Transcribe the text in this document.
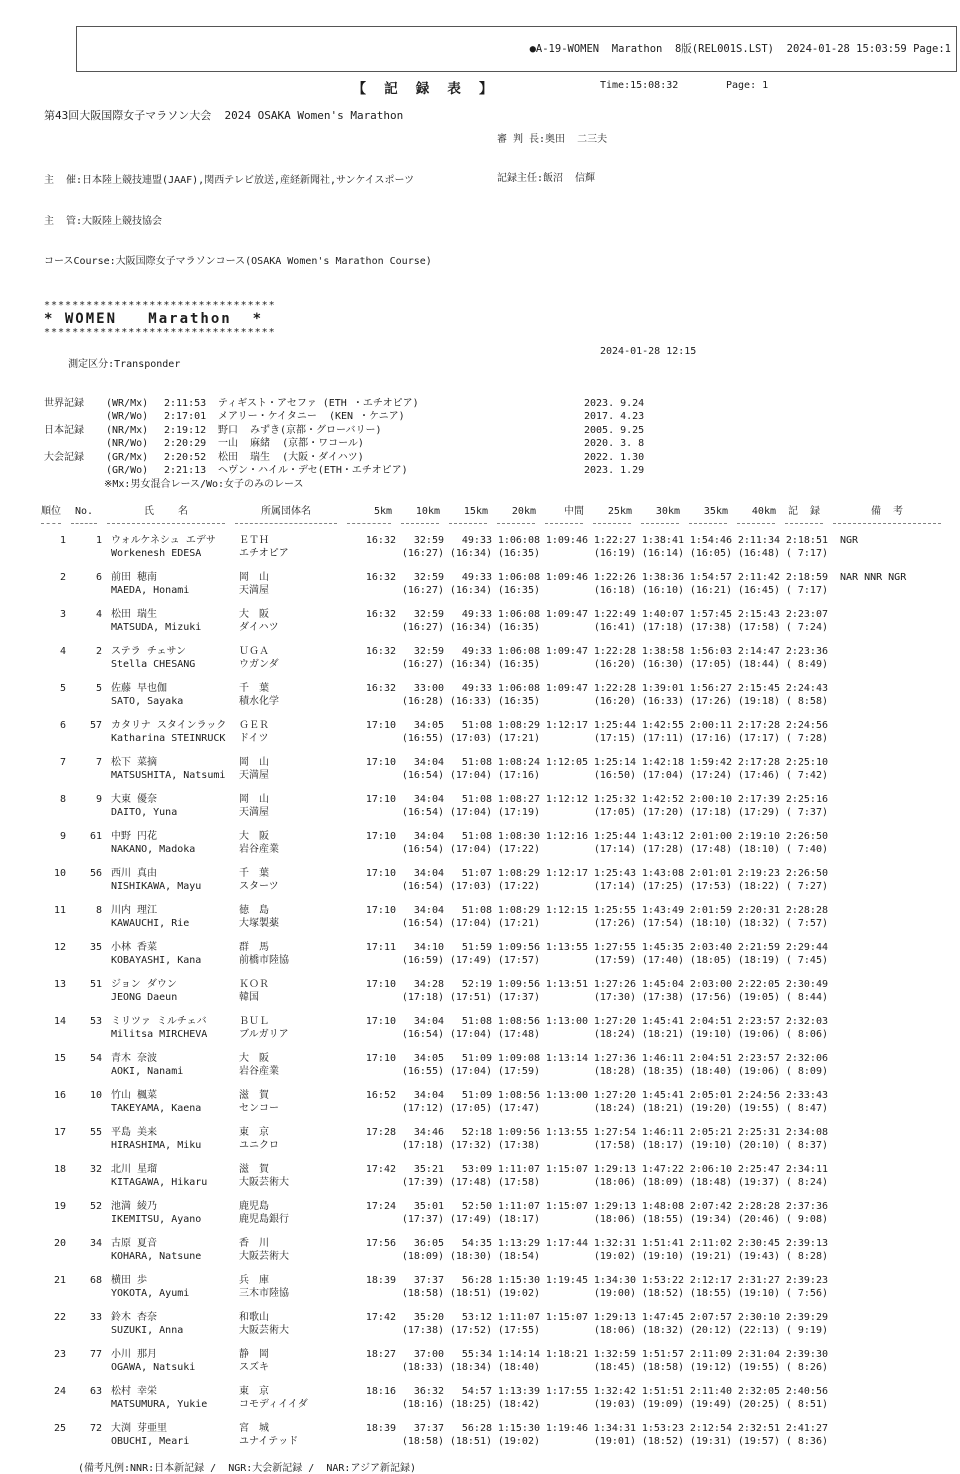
●A-19-WOMEN  Marathon  8版(REL001S.LST)  2024-01-28 15:03:59 Page:1

【 記 録 表 】	Time:15:08:32	Page: 1
第43回大阪国際女子マラソン大会  2024 OSAKA Women's Marathon

審 判 長:奥田  二三夫

記録主任:飯沼  信輝

主  催:日本陸上競技連盟(JAAF),関西テレビ放送,産経新聞社,サンケイスポーツ

主  管:大阪陸上競技協会

コースCourse:大阪国際女子マラソンコース(OSAKA Women's Marathon Course)

*********************************
* WOMEN   Marathon  *
*********************************

測定区分:Transponder

2024-01-28 12:15

世界記録	(WR/Mx)	2:11:53	ティギスト・アセファ (ETH ・エチオピア)	2023. 9.24
(WR/Wo)	2:17:01	メアリー・ケイタニー  (KEN ・ケニア)	2017. 4.23
日本記録	(NR/Mx)	2:19:12	野口  みずき(京都・グローバリー)	2005. 9.25
(NR/Wo)	2:20:29	一山  麻緒  (京都・ワコール)	2020. 3. 8
大会記録	(GR/Mx)	2:20:52	松田  瑞生  (大阪・ダイハツ)	2022. 1.30
(GR/Wo)	2:21:13	ヘヴン・ハイル・デセ(ETH・エチオピア)	2023. 1.29
※Mx:男女混合レース/Wo:女子のみのレース
順位	No.	氏    名	所属団体名	5km	10km	15km	20km	中間	25km	30km	35km	40km	記  録	備  考
1	1 ウォルケネシュ エデサ	ＥＴＨ	16:32	32:59	49:33 1:06:08 1:09:46 1:22:27 1:38:41 1:54:46 2:11:34 2:18:51	NGR
Workenesh EDESA	エチオピア	(16:27) (16:34) (16:35)	(16:19) (16:14) (16:05) (16:48) ( 7:17)
2	6 前田 穂南	岡　山	16:32	32:59	49:33 1:06:08 1:09:46 1:22:26 1:38:36 1:54:57 2:11:42 2:18:59	NAR NNR NGR
MAEDA, Honami	天満屋	(16:27) (16:34) (16:35)	(16:18) (16:10) (16:21) (16:45) ( 7:17)
3	4 松田 瑞生	大　阪	16:32	32:59	49:33 1:06:08 1:09:47 1:22:49 1:40:07 1:57:45 2:15:43 2:23:07
MATSUDA, Mizuki	ダイハツ	(16:27) (16:34) (16:35)	(16:41) (17:18) (17:38) (17:58) ( 7:24)
4	2 ステラ チェサン	ＵＧＡ	16:32	32:59	49:33 1:06:08 1:09:47 1:22:28 1:38:58 1:56:03 2:14:47 2:23:36
Stella CHESANG	ウガンダ	(16:27) (16:34) (16:35)	(16:20) (16:30) (17:05) (18:44) ( 8:49)
5	5 佐藤 早也伽	千　葉	16:32	33:00	49:33 1:06:08 1:09:47 1:22:28 1:39:01 1:56:27 2:15:45 2:24:43
SATO, Sayaka	積水化学	(16:28) (16:33) (16:35)	(16:20) (16:33) (17:26) (19:18) ( 8:58)
6	57 カタリナ スタインラック	ＧＥＲ	17:10	34:05	51:08 1:08:29 1:12:17 1:25:44 1:42:55 2:00:11 2:17:28 2:24:56
Katharina STEINRUCK	ドイツ	(16:55) (17:03) (17:21)	(17:15) (17:11) (17:16) (17:17) ( 7:28)
7	7 松下 菜摘	岡　山	17:10	34:04	51:08 1:08:24 1:12:05 1:25:14 1:42:18 1:59:42 2:17:28 2:25:10
MATSUSHITA, Natsumi	天満屋	(16:54) (17:04) (17:16)	(16:50) (17:04) (17:24) (17:46) ( 7:42)
8	9 大東 優奈	岡　山	17:10	34:04	51:08 1:08:27 1:12:12 1:25:32 1:42:52 2:00:10 2:17:39 2:25:16
DAITO, Yuna	天満屋	(16:54) (17:04) (17:19)	(17:05) (17:20) (17:18) (17:29) ( 7:37)
9	61 中野 円花	大　阪	17:10	34:04	51:08 1:08:30 1:12:16 1:25:44 1:43:12 2:01:00 2:19:10 2:26:50
NAKANO, Madoka	岩谷産業	(16:54) (17:04) (17:22)	(17:14) (17:28) (17:48) (18:10) ( 7:40)
10	56 西川 真由	千　葉	17:10	34:04	51:07 1:08:29 1:12:17 1:25:43 1:43:08 2:01:01 2:19:23 2:26:50
NISHIKAWA, Mayu	スターツ	(16:54) (17:03) (17:22)	(17:14) (17:25) (17:53) (18:22) ( 7:27)
11	8 川内 理江	徳　島	17:10	34:04	51:08 1:08:29 1:12:15 1:25:55 1:43:49 2:01:59 2:20:31 2:28:28
KAWAUCHI, Rie	大塚製薬	(16:54) (17:04) (17:21)	(17:26) (17:54) (18:10) (18:32) ( 7:57)
12	35 小林 香菜	群　馬	17:11	34:10	51:59 1:09:56 1:13:55 1:27:55 1:45:35 2:03:40 2:21:59 2:29:44
KOBAYASHI, Kana	前橋市陸協	(16:59) (17:49) (17:57)	(17:59) (17:40) (18:05) (18:19) ( 7:45)
13	51 ジョン ダウン	ＫＯＲ	17:10	34:28	52:19 1:09:56 1:13:51 1:27:26 1:45:04 2:03:00 2:22:05 2:30:49
JEONG Daeun	韓国	(17:18) (17:51) (17:37)	(17:30) (17:38) (17:56) (19:05) ( 8:44)
14	53 ミリツァ ミルチェバ	ＢＵＬ	17:10	34:04	51:08 1:08:56 1:13:00 1:27:20 1:45:41 2:04:51 2:23:57 2:32:03
Militsa MIRCHEVA	ブルガリア	(16:54) (17:04) (17:48)	(18:24) (18:21) (19:10) (19:06) ( 8:06)
15	54 青木 奈波	大　阪	17:10	34:05	51:09 1:09:08 1:13:14 1:27:36 1:46:11 2:04:51 2:23:57 2:32:06
AOKI, Nanami	岩谷産業	(16:55) (17:04) (17:59)	(18:28) (18:35) (18:40) (19:06) ( 8:09)
16	10 竹山 楓菜	滋　賀	16:52	34:04	51:09 1:08:56 1:13:00 1:27:20 1:45:41 2:05:01 2:24:56 2:33:43
TAKEYAMA, Kaena	センコー	(17:12) (17:05) (17:47)	(18:24) (18:21) (19:20) (19:55) ( 8:47)
17	55 平島 美来	東　京	17:28	34:46	52:18 1:09:56 1:13:55 1:27:54 1:46:11 2:05:21 2:25:31 2:34:08
HIRASHIMA, Miku	ユニクロ	(17:18) (17:32) (17:38)	(17:58) (18:17) (19:10) (20:10) ( 8:37)
18	32 北川 星瑠	滋　賀	17:42	35:21	53:09 1:11:07 1:15:07 1:29:13 1:47:22 2:06:10 2:25:47 2:34:11
KITAGAWA, Hikaru	大阪芸術大	(17:39) (17:48) (17:58)	(18:06) (18:09) (18:48) (19:37) ( 8:24)
19	52 池満 綾乃	鹿児島	17:24	35:01	52:50 1:11:07 1:15:07 1:29:13 1:48:08 2:07:42 2:28:28 2:37:36
IKEMITSU, Ayano	鹿児島銀行	(17:37) (17:49) (18:17)	(18:06) (18:55) (19:34) (20:46) ( 9:08)
20	34 古原 夏音	香　川	17:56	36:05	54:35 1:13:29 1:17:44 1:32:31 1:51:41 2:11:02 2:30:45 2:39:13
KOHARA, Natsune	大阪芸術大	(18:09) (18:30) (18:54)	(19:02) (19:10) (19:21) (19:43) ( 8:28)
21	68 横田 歩	兵　庫	18:39	37:37	56:28 1:15:30 1:19:45 1:34:30 1:53:22 2:12:17 2:31:27 2:39:23
YOKOTA, Ayumi	三木市陸協	(18:58) (18:51) (19:02)	(19:00) (18:52) (18:55) (19:10) ( 7:56)
22	33 鈴木 杏奈	和歌山	17:42	35:20	53:12 1:11:07 1:15:07 1:29:13 1:47:45 2:07:57 2:30:10 2:39:29
SUZUKI, Anna	大阪芸術大	(17:38) (17:52) (17:55)	(18:06) (18:32) (20:12) (22:13) ( 9:19)
23	77 小川 那月	静　岡	18:27	37:00	55:34 1:14:14 1:18:21 1:32:59 1:51:57 2:11:09 2:31:04 2:39:30
OGAWA, Natsuki	スズキ	(18:33) (18:34) (18:40)	(18:45) (18:58) (19:12) (19:55) ( 8:26)
24	63 松村 幸栄	東　京	18:16	36:32	54:57 1:13:39 1:17:55 1:32:42 1:51:51 2:11:40 2:32:05 2:40:56
MATSUMURA, Yukie	コモディイイダ	(18:16) (18:25) (18:42)	(19:03) (19:09) (19:49) (20:25) ( 8:51)
25	72 大渕 芽亜里	宮　城	18:39	37:37	56:28 1:15:30 1:19:46 1:34:31 1:53:23 2:12:54 2:32:51 2:41:27
OBUCHI, Meari	ユナイテッド	(18:58) (18:51) (19:02)	(19:01) (18:52) (19:31) (19:57) ( 8:36)
(備考凡例:NNR:日本新記録 /  NGR:大会新記録 /  NAR:アジア新記録)
